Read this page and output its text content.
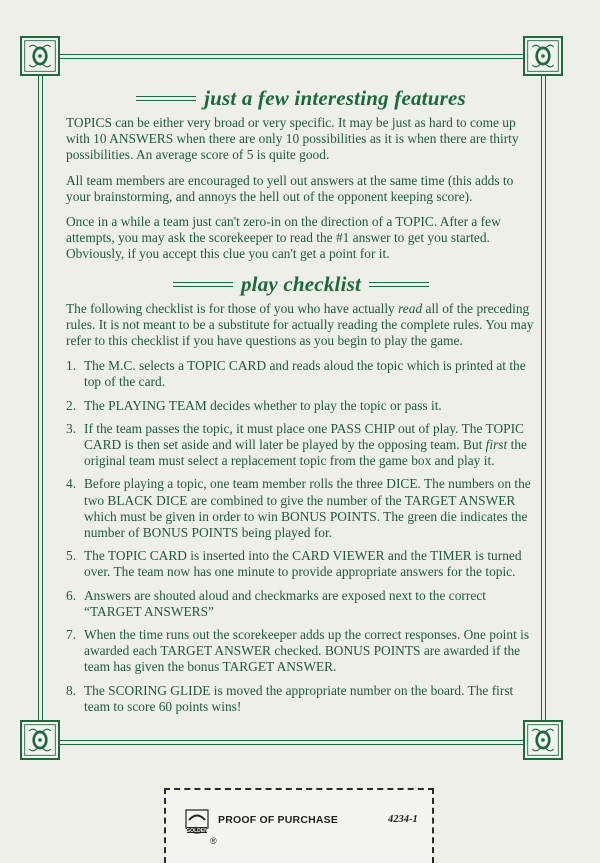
just a few interesting features

TOPICS can be either very broad or very specific. It may be just as hard to come up with 10 ANSWERS when there are only 10 possibilities as it is when there are thirty possibilities. An average score of 5 is quite good.

All team members are encouraged to yell out answers at the same time (this adds to your brainstorming, and annoys the hell out of the opponent keeping score).

Once in a while a team just can't zero-in on the direction of a TOPIC. After a few attempts, you may ask the scorekeeper to read the #1 answer to get you started. Obviously, if you accept this clue you can't get a point for it.

play checklist

The following checklist is for those of you who have actually read all of the preceding rules. It is not meant to be a substitute for actually reading the complete rules. You may refer to this checklist if you have questions as you begin to play the game.

1. The M.C. selects a TOPIC CARD and reads aloud the topic which is printed at the top of the card.
2. The PLAYING TEAM decides whether to play the topic or pass it.
3. If the team passes the topic, it must place one PASS CHIP out of play. The TOPIC CARD is then set aside and will later be played by the opposing team. But first the original team must select a replacement topic from the game box and play it.
4. Before playing a topic, one team member rolls the three DICE. The numbers on the two BLACK DICE are combined to give the number of the TARGET ANSWER which must be given in order to win BONUS POINTS. The green die indicates the number of BONUS POINTS being played for.
5. The TOPIC CARD is inserted into the CARD VIEWER and the TIMER is turned over. The team now has one minute to provide appropriate answers for the topic.
6. Answers are shouted aloud and checkmarks are exposed next to the correct “TARGET ANSWERS”
7. When the time runs out the scorekeeper adds up the correct responses. One point is awarded each TARGET ANSWER checked. BONUS POINTS are awarded if the team has given the bonus TARGET ANSWER.
8. The SCORING GLIDE is moved the appropriate number on the board. The first team to score 60 points wins!
GOLDEN
®
PROOF OF PURCHASE	4234-1
